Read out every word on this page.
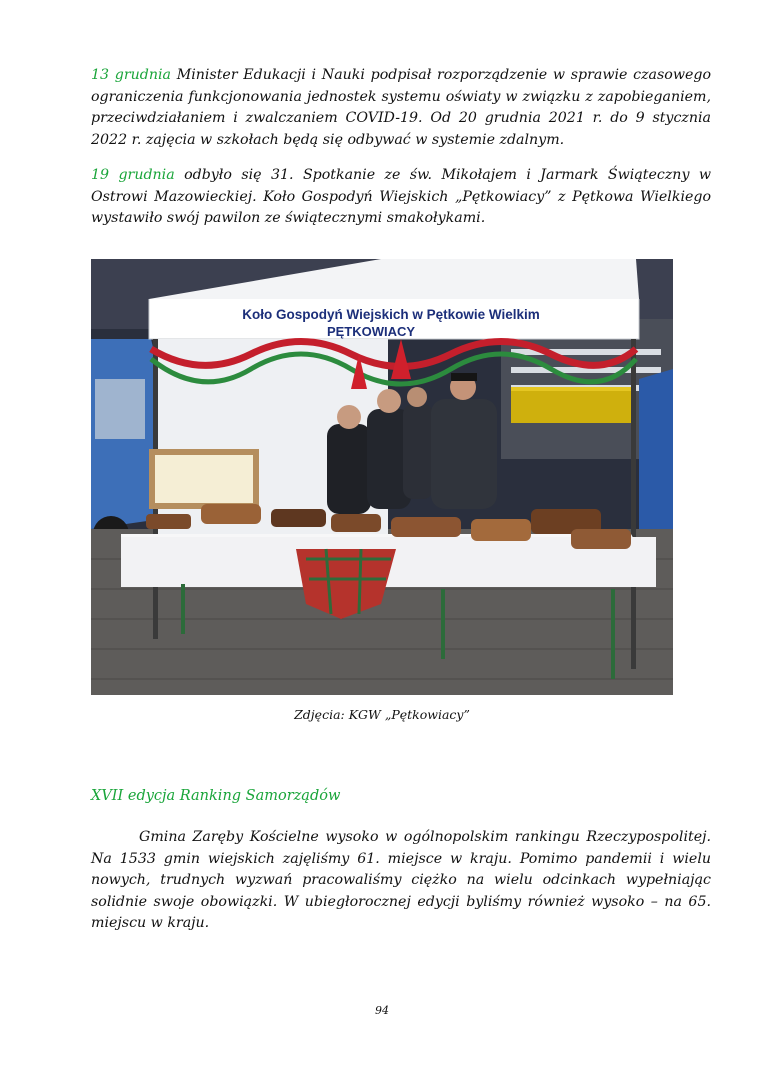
13 grudnia Minister Edukacji i Nauki podpisał rozporządzenie w sprawie czasowego ograniczenia funkcjonowania jednostek systemu oświaty w związku z zapobieganiem, przeciwdziałaniem i zwalczaniem COVID-19. Od 20 grudnia 2021 r. do 9 stycznia 2022 r. zajęcia w szkołach będą się odbywać w systemie zdalnym.

19 grudnia odbyło się 31. Spotkanie ze św. Mikołajem i Jarmark Świąteczny w Ostrowi Mazowieckiej. Koło Gospodyń Wiejskich „Pętkowiacy” z Pętkowa Wielkiego wystawiło swój pawilon ze świątecznymi smakołykami.

Koło Gospodyń Wiejskich w Pętkowie Wielkim
PĘTKOWIACY

Zdjęcia: KGW „Pętkowiacy”

XVII edycja Ranking Samorządów

Gmina Zaręby Kościelne wysoko w ogólnopolskim rankingu Rzeczypospolitej. Na 1533 gmin wiejskich zajęliśmy 61. miejsce w kraju. Pomimo pandemii i wielu nowych, trudnych wyzwań pracowaliśmy ciężko na wielu odcinkach wypełniając solidnie swoje obowiązki. W ubiegłorocznej edycji byliśmy również wysoko – na 65. miejscu w kraju.

94
